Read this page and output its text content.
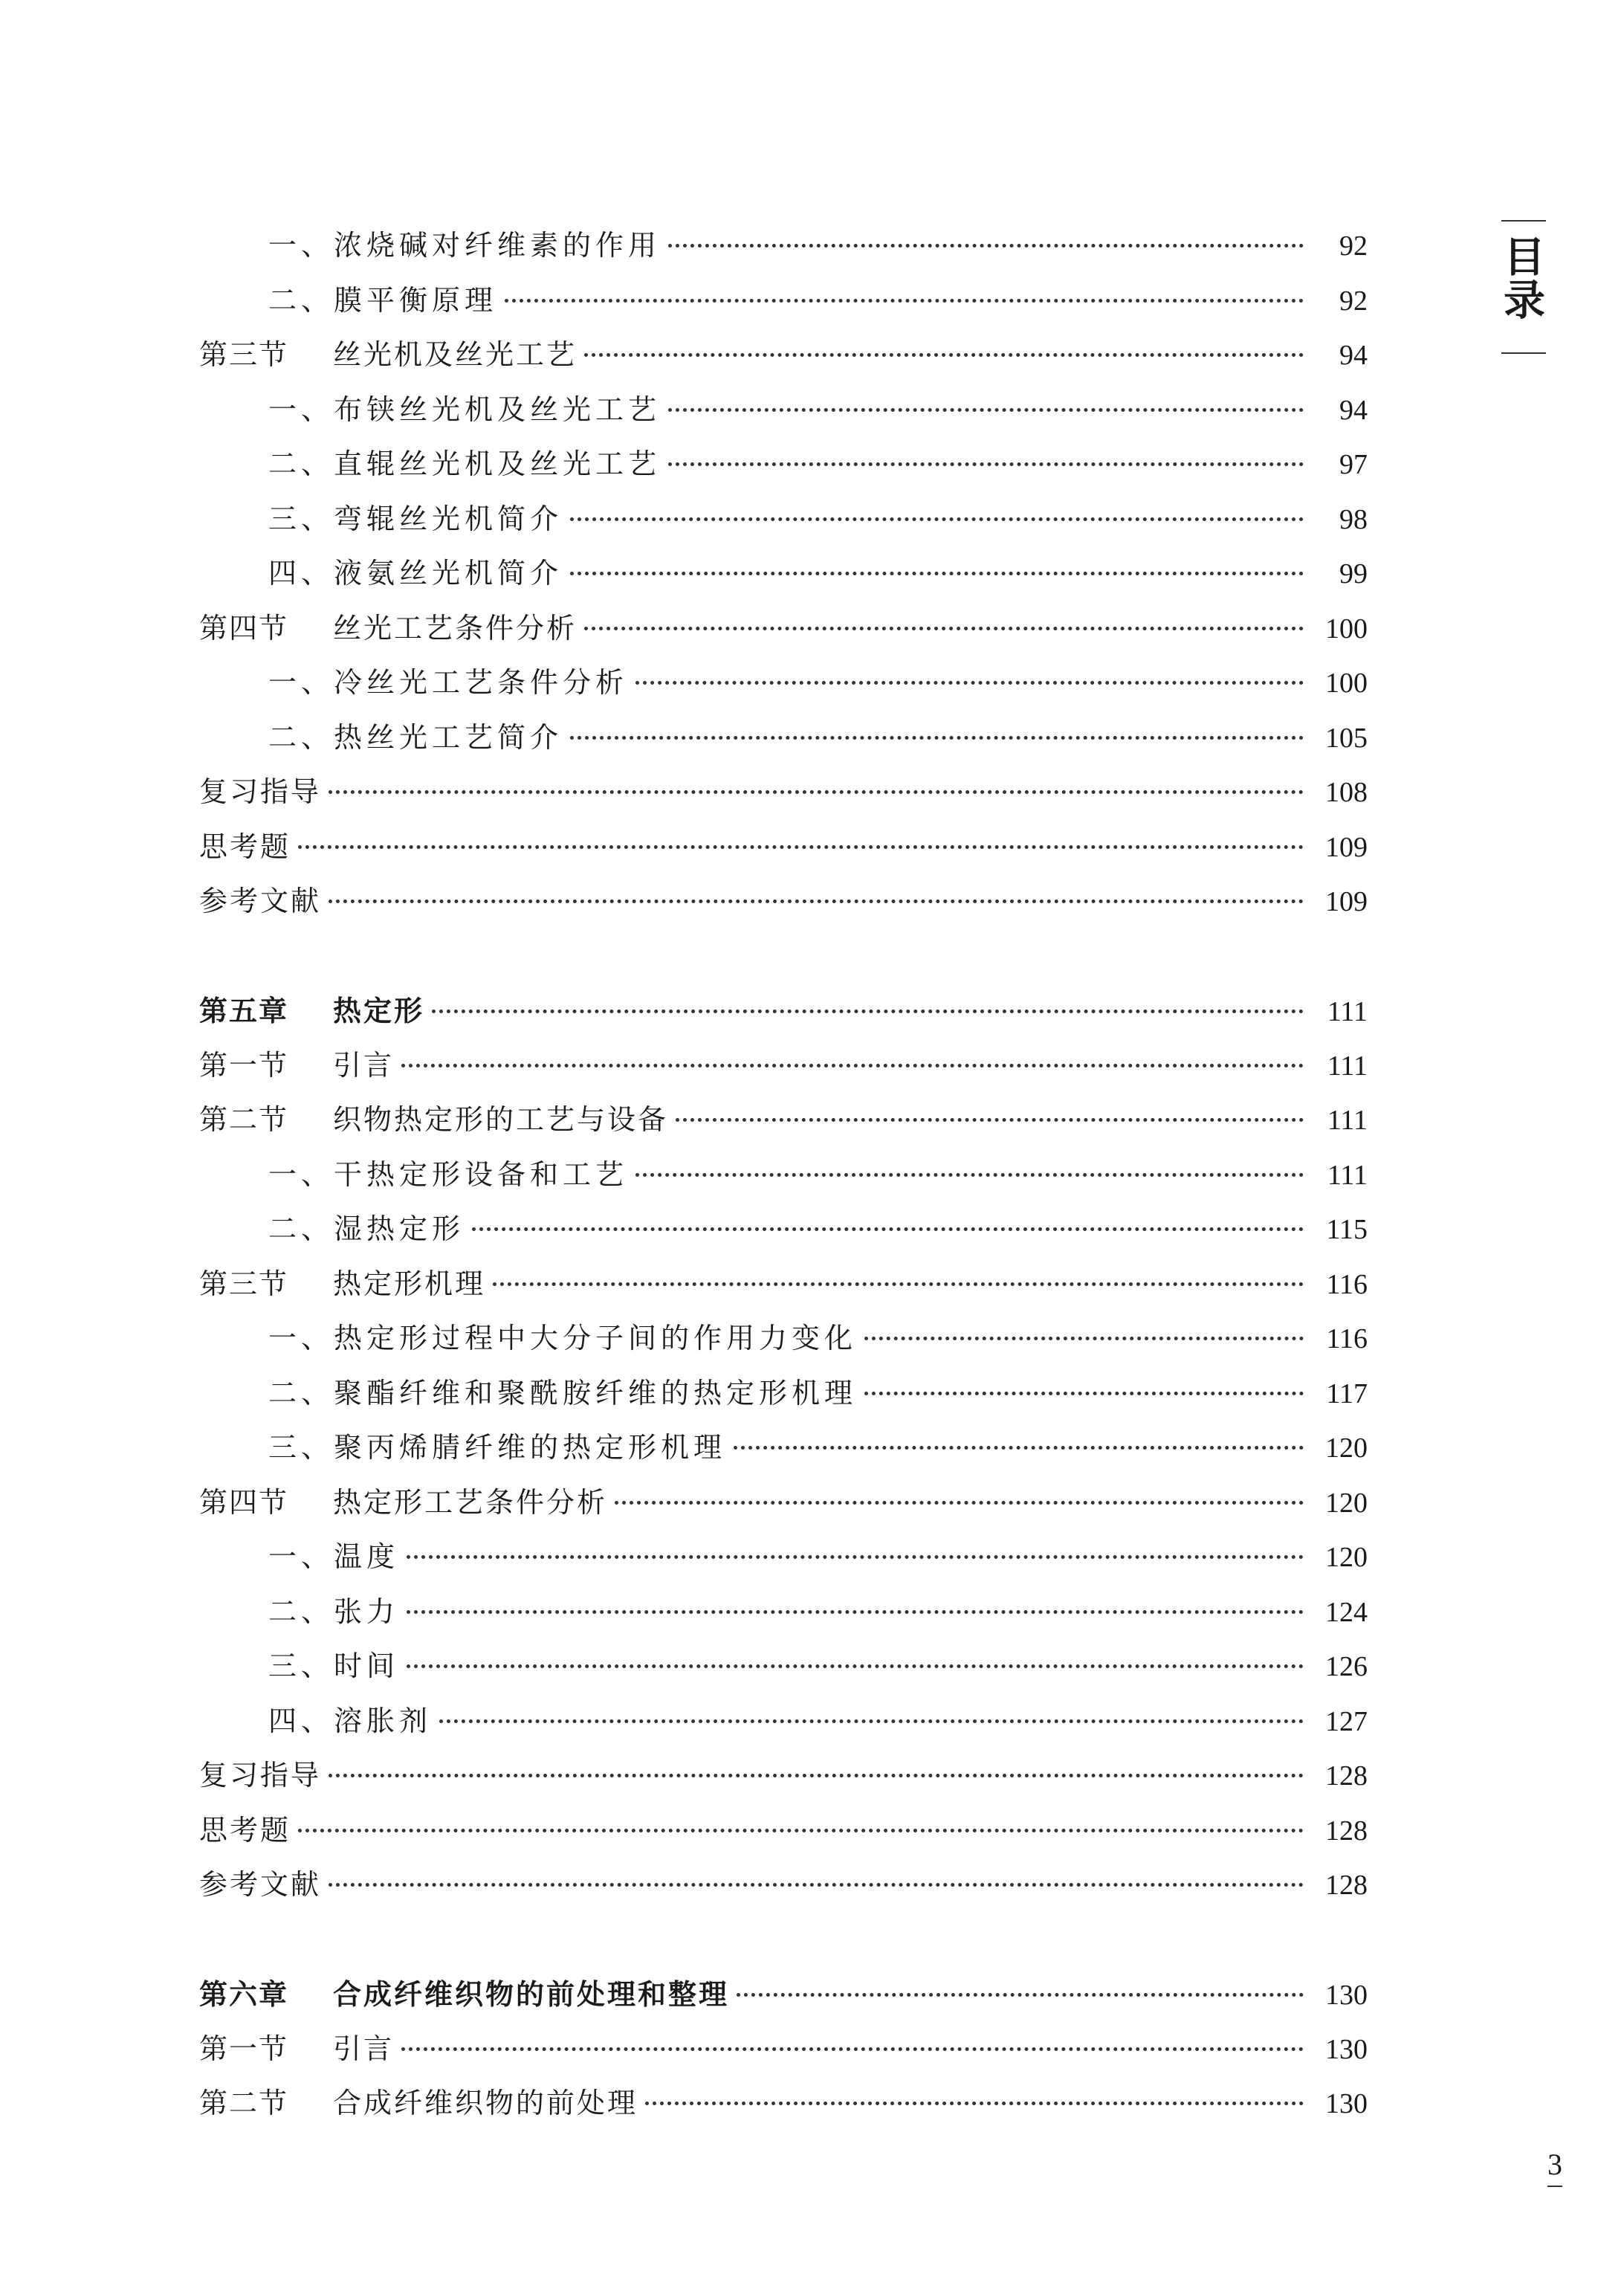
一、浓烧碱对纤维素的作用	92
二、膜平衡原理	92
第三节	丝光机及丝光工艺	94
一、布铗丝光机及丝光工艺	94
二、直辊丝光机及丝光工艺	97
三、弯辊丝光机简介	98
四、液氨丝光机简介	99
第四节	丝光工艺条件分析	100
一、冷丝光工艺条件分析	100
二、热丝光工艺简介	105
复习指导	108
思考题	109
参考文献	109
第五章	热定形	111
第一节	引言	111
第二节	织物热定形的工艺与设备	111
一、干热定形设备和工艺	111
二、湿热定形	115
第三节	热定形机理	116
一、热定形过程中大分子间的作用力变化	116
二、聚酯纤维和聚酰胺纤维的热定形机理	117
三、聚丙烯腈纤维的热定形机理	120
第四节	热定形工艺条件分析	120
一、温度	120
二、张力	124
三、时间	126
四、溶胀剂	127
复习指导	128
思考题	128
参考文献	128
第六章	合成纤维织物的前处理和整理	130
第一节	引言	130
第二节	合成纤维织物的前处理	130
目录
3
